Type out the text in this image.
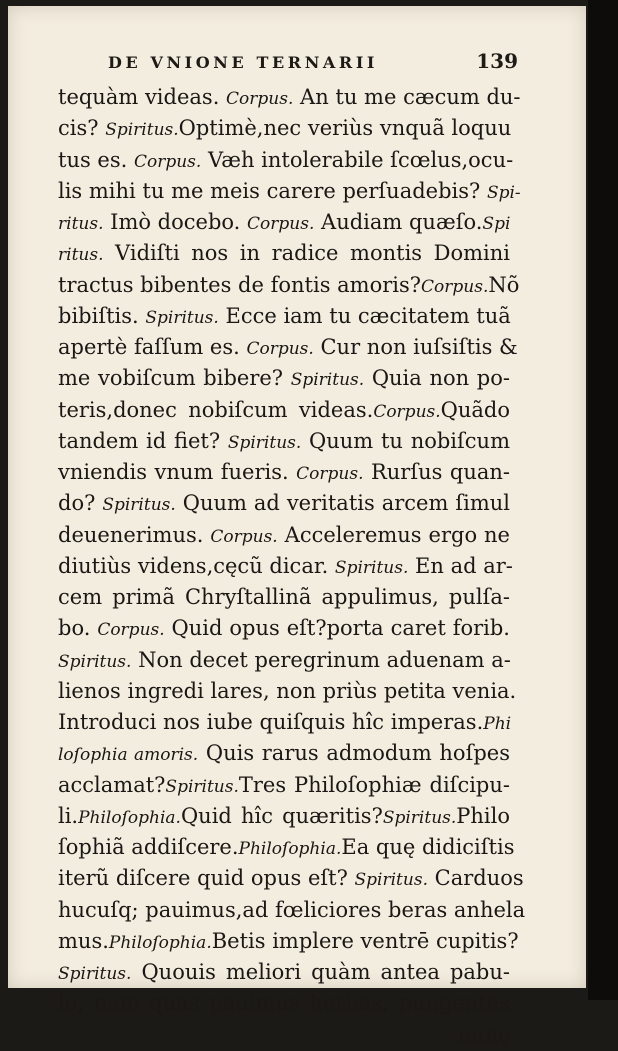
DE VNIONE TERNARII	139
tequàm videas. Corpus. An tu me cæcum du-
cis? Spiritus.Optimè,nec veriùs vnquã loquu
tus es. Corpus. Væh intolerabile ſcœlus,ocu-
lis mihi tu me meis carere perſuadebis? Spi-
ritus. Imò docebo. Corpus. Audiam quæſo.Spi
ritus. Vidiſti nos in radice montis Domini
tractus bibentes de fontis amoris?Corpus.Nõ
bibiſtis. Spiritus. Ecce iam tu cæcitatem tuã
apertè faſſum es. Corpus. Cur non iuſsiſtis &
me vobiſcum bibere? Spiritus. Quia non po-
teris,donec nobiſcum videas.Corpus.Quãdo
tandem id fiet? Spiritus. Quum tu nobiſcum
vniendis vnum fueris. Corpus. Rurſus quan-
do? Spiritus. Quum ad veritatis arcem ſimul
deuenerimus. Corpus. Acceleremus ergo ne
diutiùs videns,cęcũ dicar. Spiritus. En ad ar-
cem primã Chryſtallinã appulimus, pulſa-
bo. Corpus. Quid opus eſt?porta caret forib.
Spiritus. Non decet peregrinum aduenam a-
lienos ingredi lares, non priùs petita venia.
Introduci nos iube quiſquis hîc imperas.Phi
loſophia amoris. Quis rarus admodum hoſpes
acclamat?Spiritus.Tres Philoſophiæ diſcipu-
li.Philoſophia.Quid hîc quæritis?Spiritus.Philo
ſophiã addiſcere.Philoſophia.Ea quę didiciſtis
iterũ diſcere quid opus eſt? Spiritus. Carduos
hucuſq; pauimus,ad fœliciores beras anhela
mus.Philoſophia.Betis implere ventrē cupitis?
Spiritus. Quouis meliori quàm antea pabu-
lo, nam quas pauimus herbas, pungentes
nunç
